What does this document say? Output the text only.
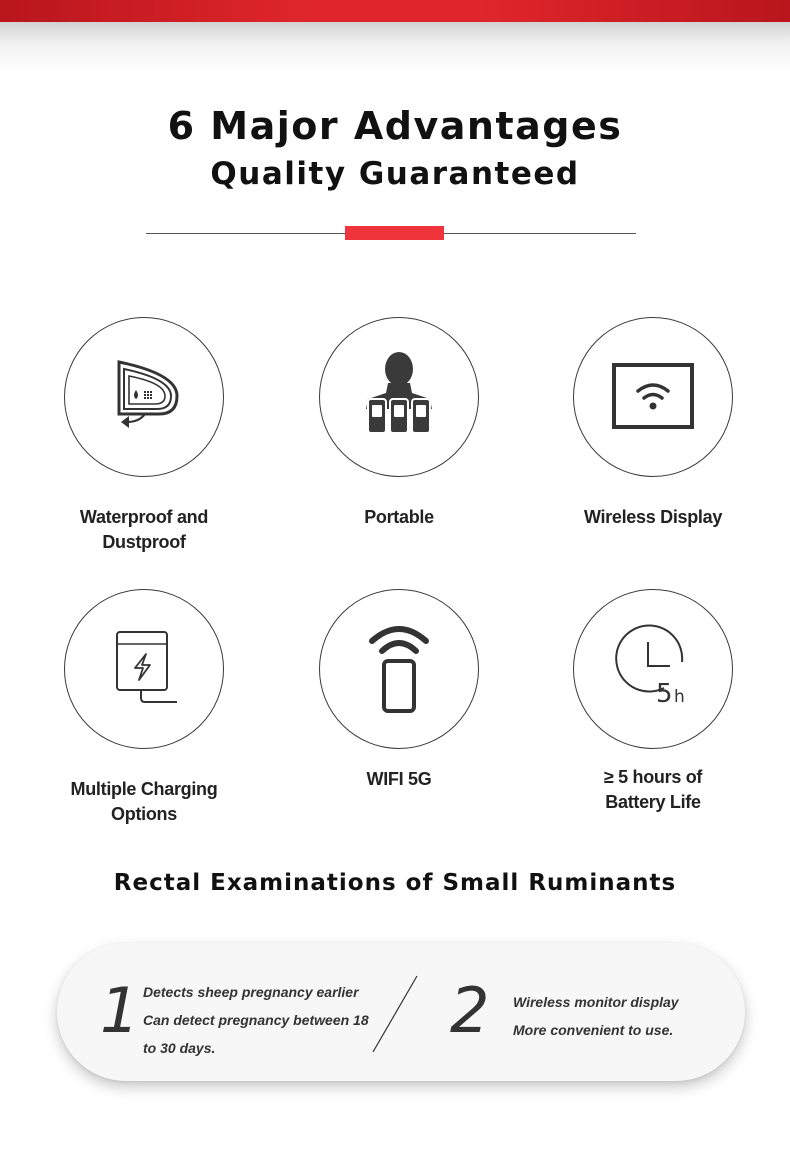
6 Major Advantages
Quality Guaranteed
Waterproof and
Dustproof
Portable	Wireless Display
Multiple Charging
Options
WIFI 5G
5 h
≥ 5 hours of
Battery Life
Rectal Examinations of Small Ruminants
1 Detects sheep pregnancy earlier
Can detect pregnancy between 18
to 30 days.
2 Wireless monitor display
More convenient to use.
